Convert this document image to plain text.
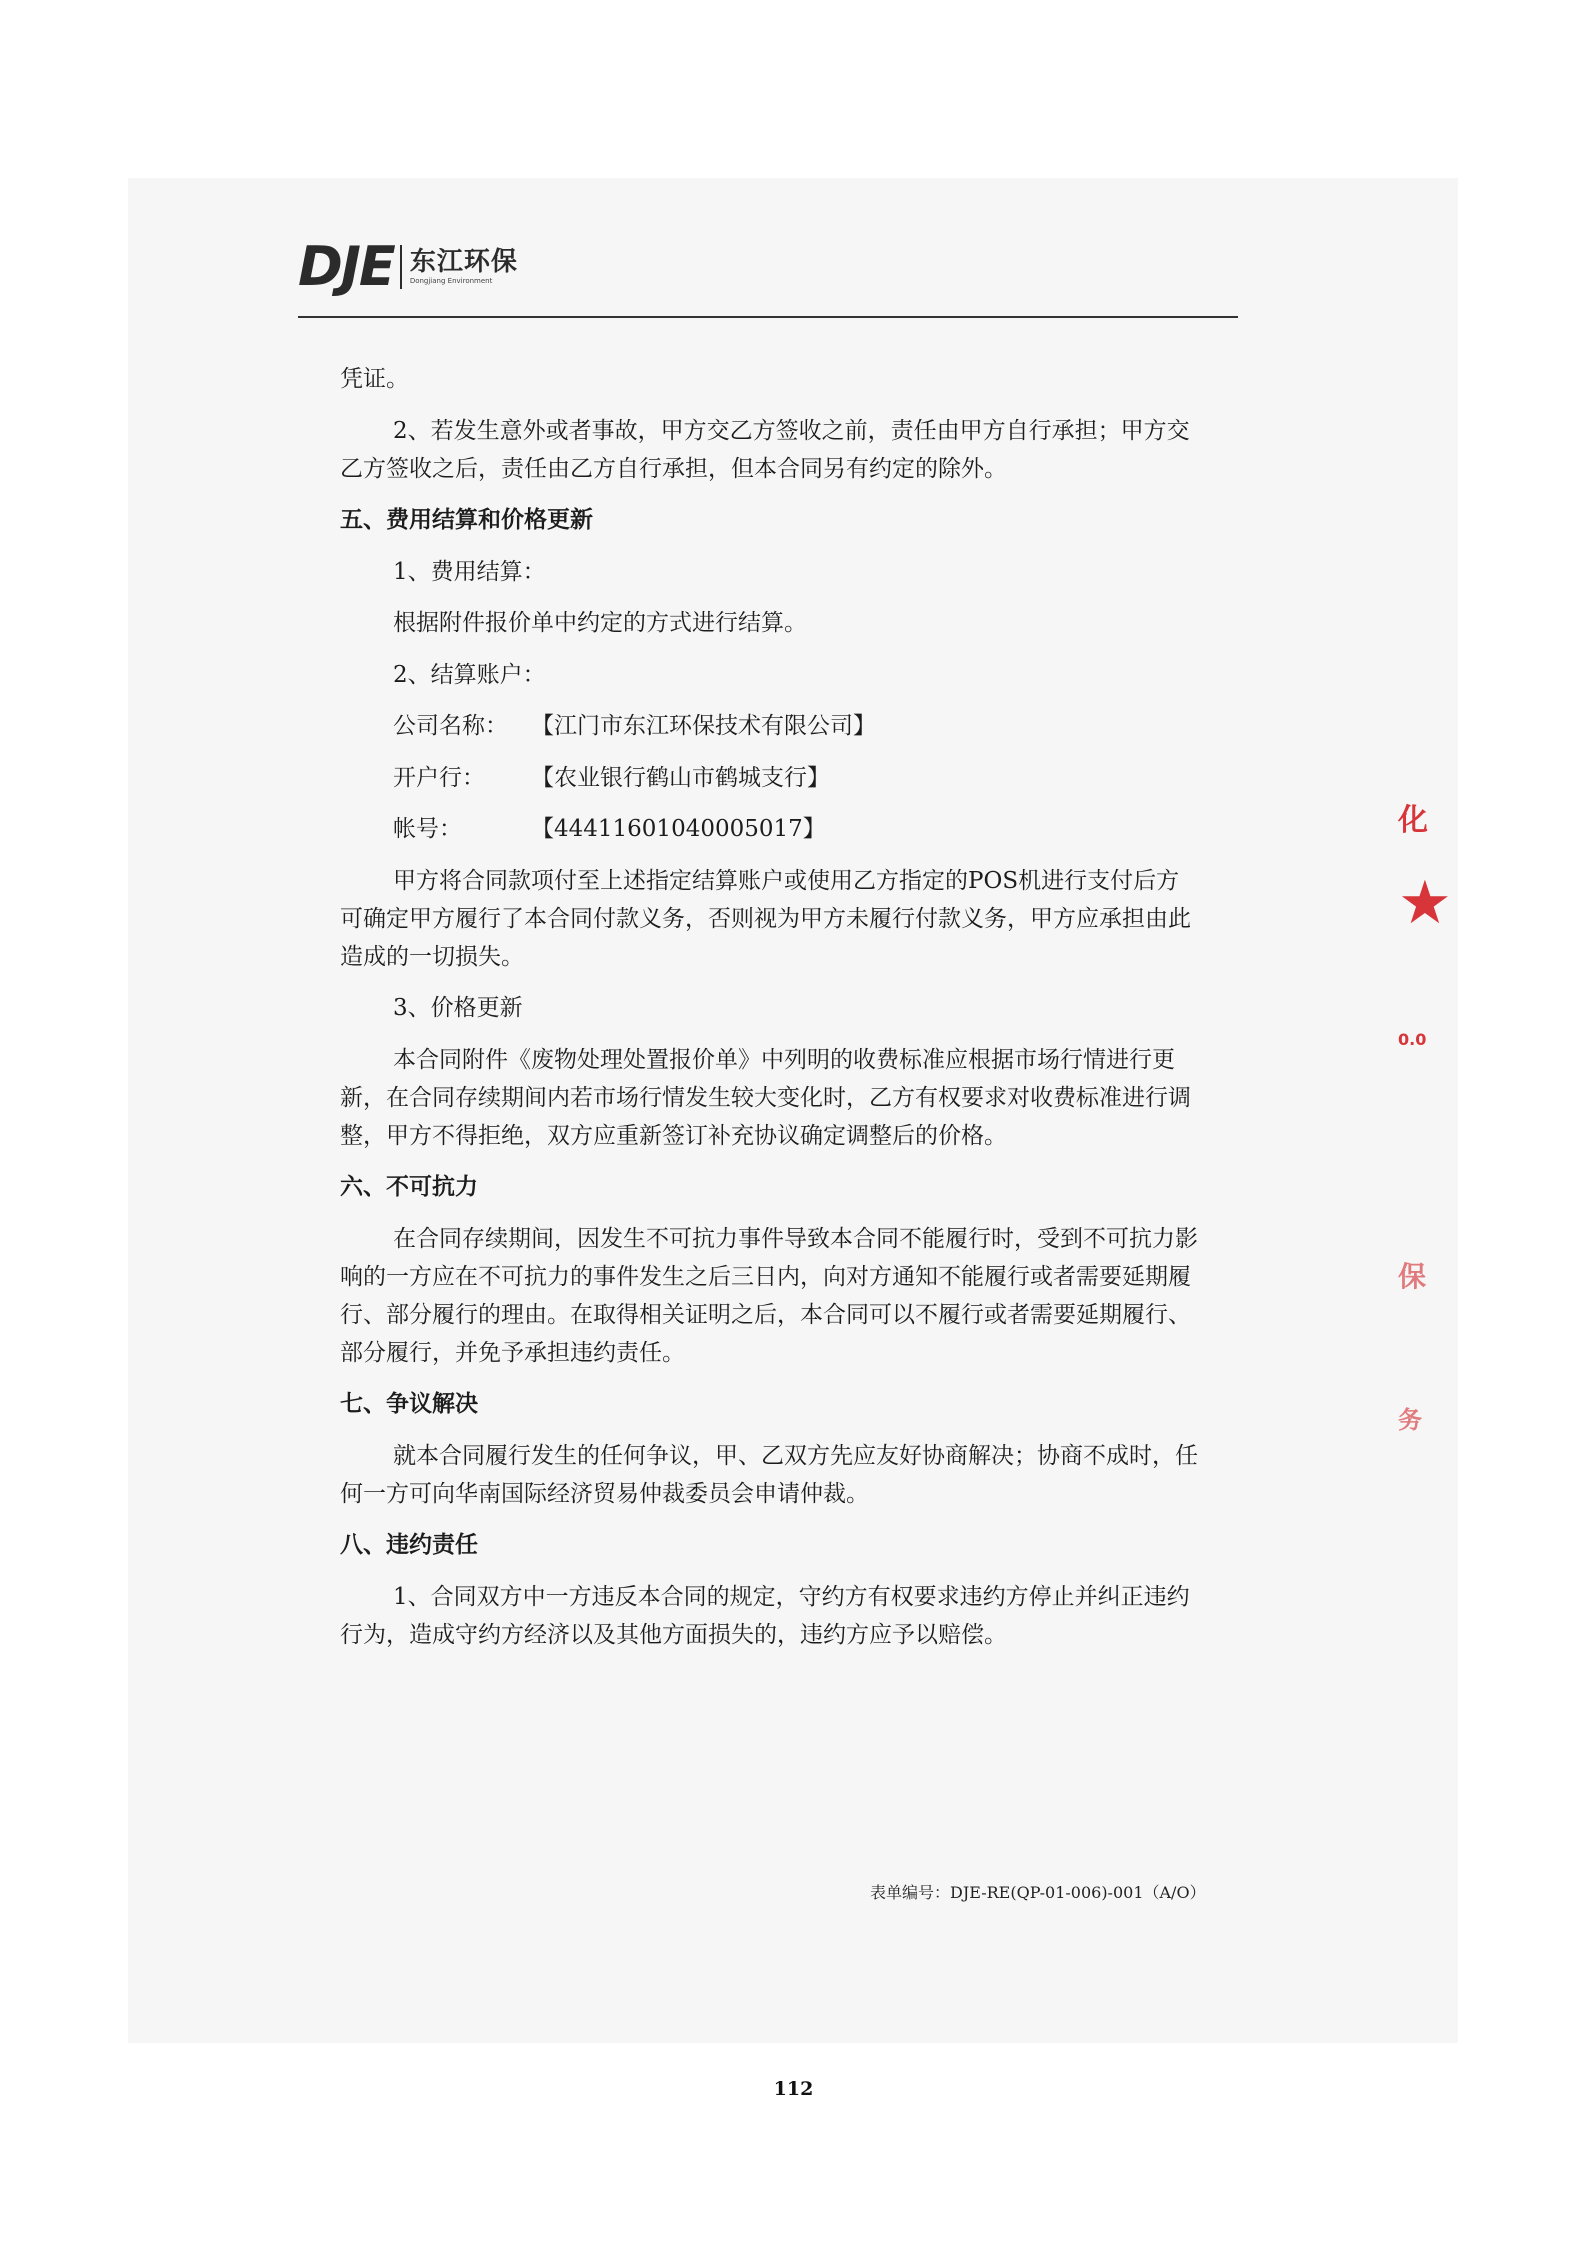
DJE 东江环保
Dongjiang Environment

凭证。

2、若发生意外或者事故，甲方交乙方签收之前，责任由甲方自行承担；甲方交乙方签收之后，责任由乙方自行承担，但本合同另有约定的除外。

五、费用结算和价格更新

1、费用结算：

根据附件报价单中约定的方式进行结算。

2、结算账户：

公司名称： 【江门市东江环保技术有限公司】

开户行： 【农业银行鹤山市鹤城支行】

帐号：	【44411601040005017】

甲方将合同款项付至上述指定结算账户或使用乙方指定的POS机进行支付后方可确定甲方履行了本合同付款义务，否则视为甲方未履行付款义务，甲方应承担由此造成的一切损失。

3、价格更新

本合同附件《废物处理处置报价单》中列明的收费标准应根据市场行情进行更新，在合同存续期间内若市场行情发生较大变化时，乙方有权要求对收费标准进行调整，甲方不得拒绝，双方应重新签订补充协议确定调整后的价格。

六、不可抗力

在合同存续期间，因发生不可抗力事件导致本合同不能履行时，受到不可抗力影响的一方应在不可抗力的事件发生之后三日内，向对方通知不能履行或者需要延期履行、部分履行的理由。在取得相关证明之后，本合同可以不履行或者需要延期履行、部分履行，并免予承担违约责任。

七、争议解决

就本合同履行发生的任何争议，甲、乙双方先应友好协商解决；协商不成时，任何一方可向华南国际经济贸易仲裁委员会申请仲裁。

八、违约责任

1、合同双方中一方违反本合同的规定，守约方有权要求违约方停止并纠正违约行为，造成守约方经济以及其他方面损失的，违约方应予以赔偿。

表单编号：DJE-RE(QP-01-006)-001（A/O）
112
化
★
0.0
保
务
